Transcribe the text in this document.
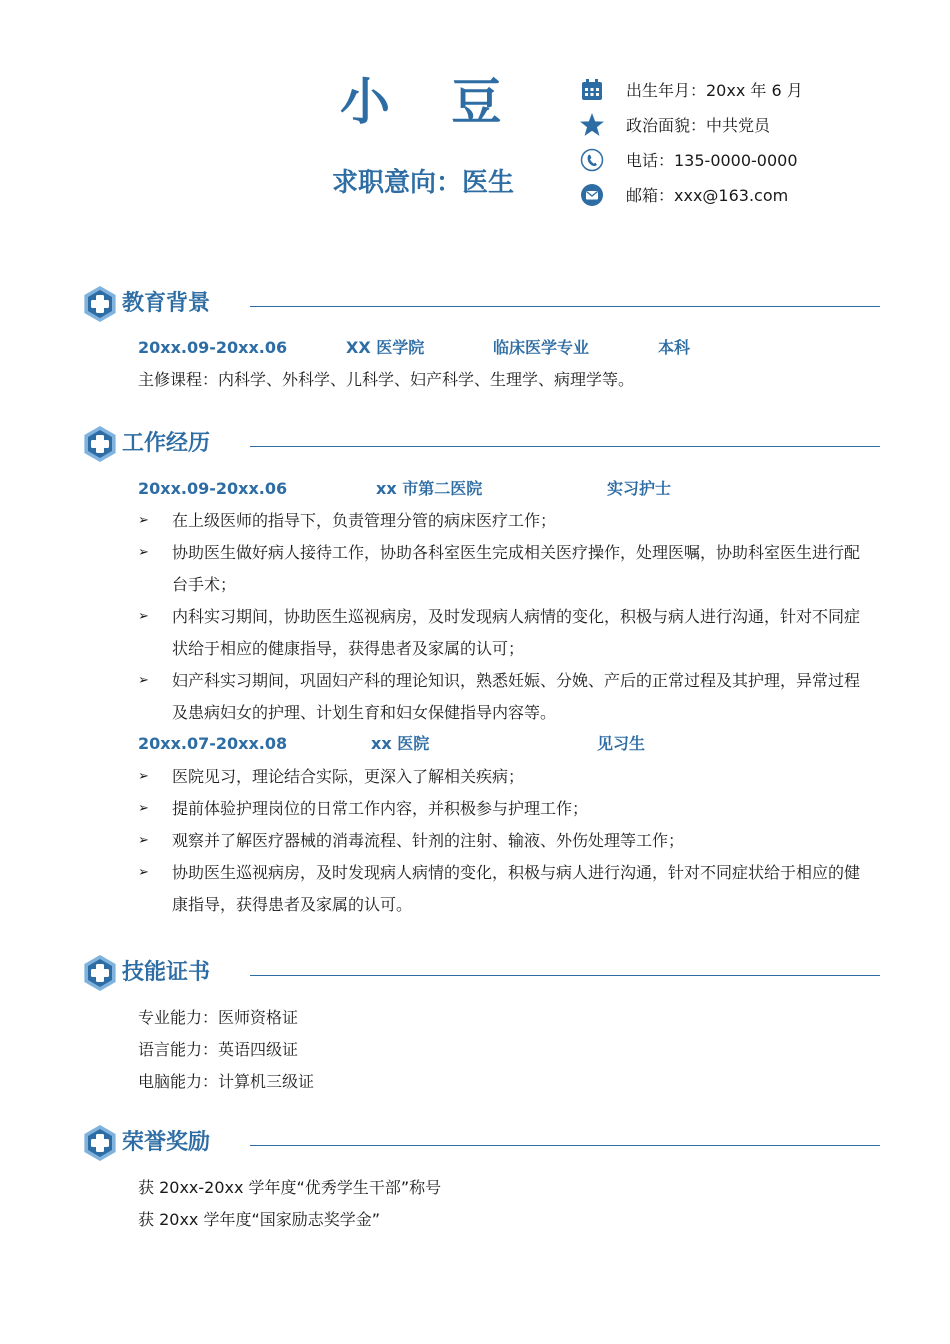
小 豆
求职意向：医生
出生年月：20xx 年 6 月
政治面貌：中共党员
电话：135-0000-0000
邮箱：xxx@163.com
教育背景
20xx.09-20xx.06	XX 医学院	临床医学专业	本科
主修课程：内科学、外科学、儿科学、妇产科学、生理学、病理学等。
工作经历
20xx.09-20xx.06	xx 市第二医院	实习护士
➢	在上级医师的指导下，负责管理分管的病床医疗工作；
➢	协助医生做好病人接待工作，协助各科室医生完成相关医疗操作，处理医嘱，协助科室医生进行配台手术；
➢	内科实习期间，协助医生巡视病房，及时发现病人病情的变化，积极与病人进行沟通，针对不同症状给于相应的健康指导，获得患者及家属的认可；
➢	妇产科实习期间，巩固妇产科的理论知识，熟悉妊娠、分娩、产后的正常过程及其护理，异常过程及患病妇女的护理、计划生育和妇女保健指导内容等。
20xx.07-20xx.08	xx 医院	见习生
➢	医院见习，理论结合实际，更深入了解相关疾病；
➢	提前体验护理岗位的日常工作内容，并积极参与护理工作；
➢	观察并了解医疗器械的消毒流程、针剂的注射、输液、外伤处理等工作；
➢	协助医生巡视病房，及时发现病人病情的变化，积极与病人进行沟通，针对不同症状给于相应的健康指导，获得患者及家属的认可。
技能证书
专业能力：医师资格证
语言能力：英语四级证
电脑能力：计算机三级证
荣誉奖励
获 20xx-20xx 学年度“优秀学生干部”称号
获 20xx 学年度“国家励志奖学金”
